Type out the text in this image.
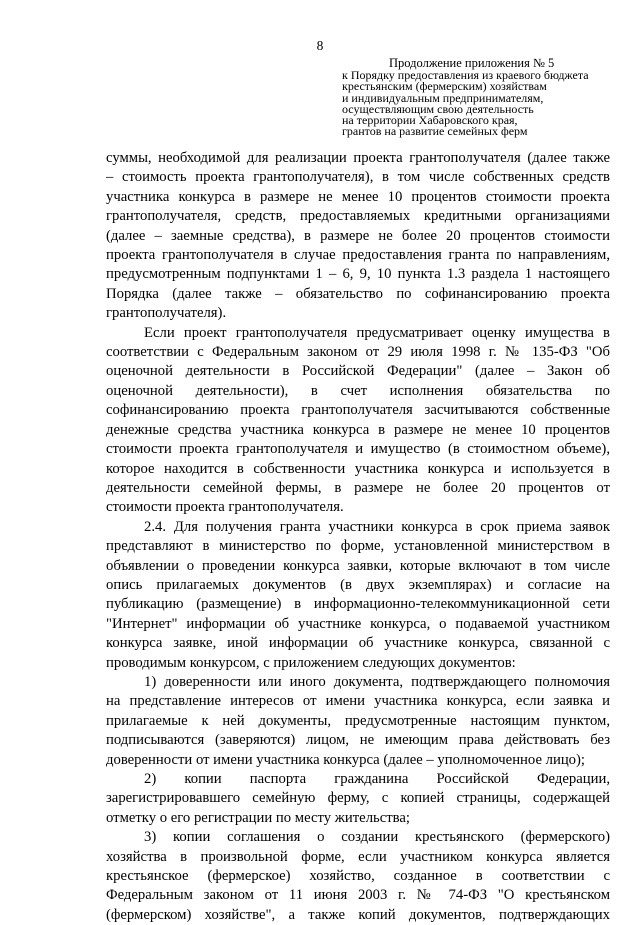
8
Продолжение приложения № 5
к Порядку предоставления из краевого бюджета
крестьянским (фермерским) хозяйствам
и индивидуальным предпринимателям,
осуществляющим свою деятельность
на территории Хабаровского края,
грантов на развитие семейных ферм
суммы, необходимой для реализации проекта грантополучателя (далее также
– стоимость проекта грантополучателя), в том числе собственных средств
участника конкурса в размере не менее 10 процентов стоимости проекта
грантополучателя, средств, предоставляемых кредитными организациями
(далее – заемные средства), в размере не более 20 процентов стоимости
проекта грантополучателя в случае предоставления гранта по направлениям,
предусмотренным подпунктами 1 – 6, 9, 10 пункта 1.3 раздела 1 настоящего
Порядка (далее также – обязательство по софинансированию проекта
грантополучателя).
Если проект грантополучателя предусматривает оценку имущества в
соответствии с Федеральным законом от 29 июля 1998 г. № 135-ФЗ "Об
оценочной деятельности в Российской Федерации" (далее – Закон об
оценочной деятельности), в счет исполнения обязательства по
софинансированию проекта грантополучателя засчитываются собственные
денежные средства участника конкурса в размере не менее 10 процентов
стоимости проекта грантополучателя и имущество (в стоимостном объеме),
которое находится в собственности участника конкурса и используется в
деятельности семейной фермы, в размере не более 20 процентов от
стоимости проекта грантополучателя.
2.4. Для получения гранта участники конкурса в срок приема заявок
представляют в министерство по форме, установленной министерством в
объявлении о проведении конкурса заявки, которые включают в том числе
опись прилагаемых документов (в двух экземплярах) и согласие на
публикацию (размещение) в информационно-телекоммуникационной сети
"Интернет" информации об участнике конкурса, о подаваемой участником
конкурса заявке, иной информации об участнике конкурса, связанной с
проводимым конкурсом, с приложением следующих документов:
1) доверенности или иного документа, подтверждающего полномочия
на представление интересов от имени участника конкурса, если заявка и
прилагаемые к ней документы, предусмотренные настоящим пунктом,
подписываются (заверяются) лицом, не имеющим права действовать без
доверенности от имени участника конкурса (далее – уполномоченное лицо);
2) копии паспорта гражданина Российской Федерации,
зарегистрировавшего семейную ферму, с копией страницы, содержащей
отметку о его регистрации по месту жительства;
3) копии соглашения о создании крестьянского (фермерского)
хозяйства в произвольной форме, если участником конкурса является
крестьянское (фермерское) хозяйство, созданное в соответствии с
Федеральным законом от 11 июня 2003 г. № 74-ФЗ "О крестьянском
(фермерском) хозяйстве", а также копий документов, подтверждающих
